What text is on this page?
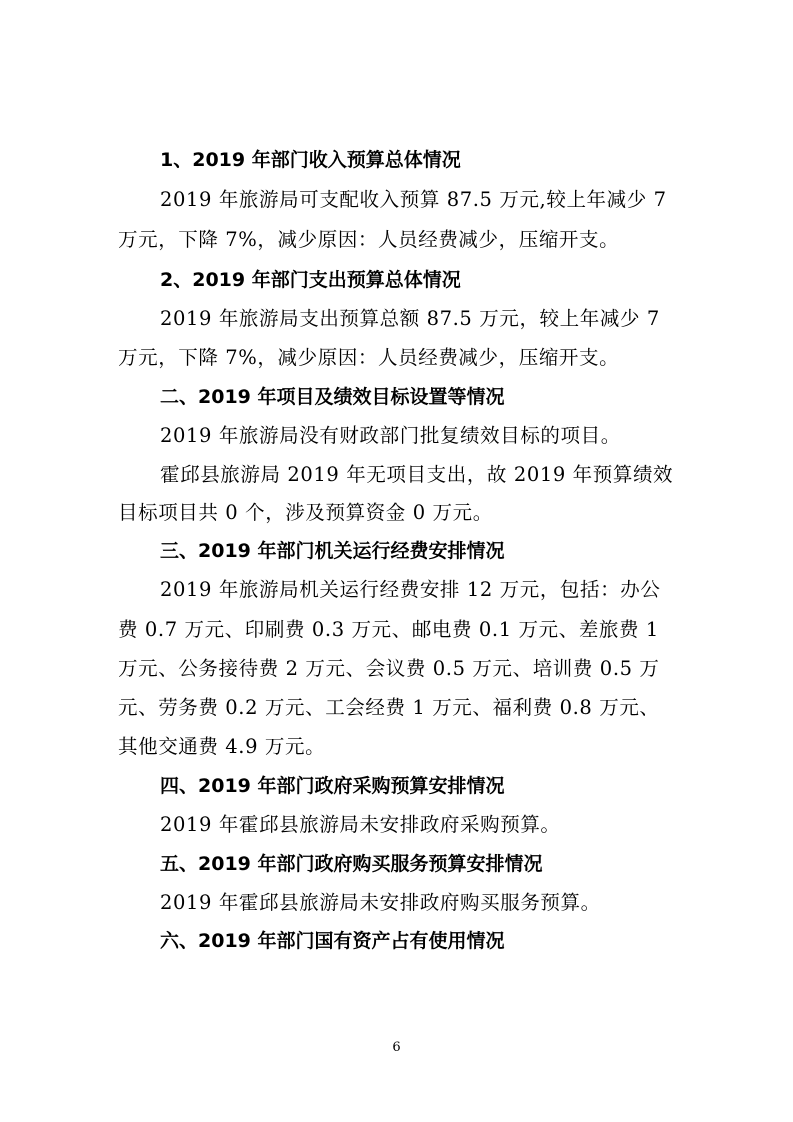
1、2019 年部门收入预算总体情况
2019 年旅游局可支配收入预算 87.5 万元,较上年减少 7
万元，下降 7%，减少原因：人员经费减少，压缩开支。
2、2019 年部门支出预算总体情况
2019 年旅游局支出预算总额 87.5 万元，较上年减少 7
万元，下降 7%，减少原因：人员经费减少，压缩开支。
二、2019 年项目及绩效目标设置等情况
2019 年旅游局没有财政部门批复绩效目标的项目。
霍邱县旅游局 2019 年无项目支出，故 2019 年预算绩效
目标项目共 0 个，涉及预算资金 0 万元。
三、2019 年部门机关运行经费安排情况
2019 年旅游局机关运行经费安排 12 万元，包括：办公
费 0.7 万元、印刷费 0.3 万元、邮电费 0.1 万元、差旅费 1
万元、公务接待费 2 万元、会议费 0.5 万元、培训费 0.5 万
元、劳务费 0.2 万元、工会经费 1 万元、福利费 0.8 万元、
其他交通费 4.9 万元。
四、2019 年部门政府采购预算安排情况
2019 年霍邱县旅游局未安排政府采购预算。
五、2019 年部门政府购买服务预算安排情况
2019 年霍邱县旅游局未安排政府购买服务预算。
六、2019 年部门国有资产占有使用情况
6
